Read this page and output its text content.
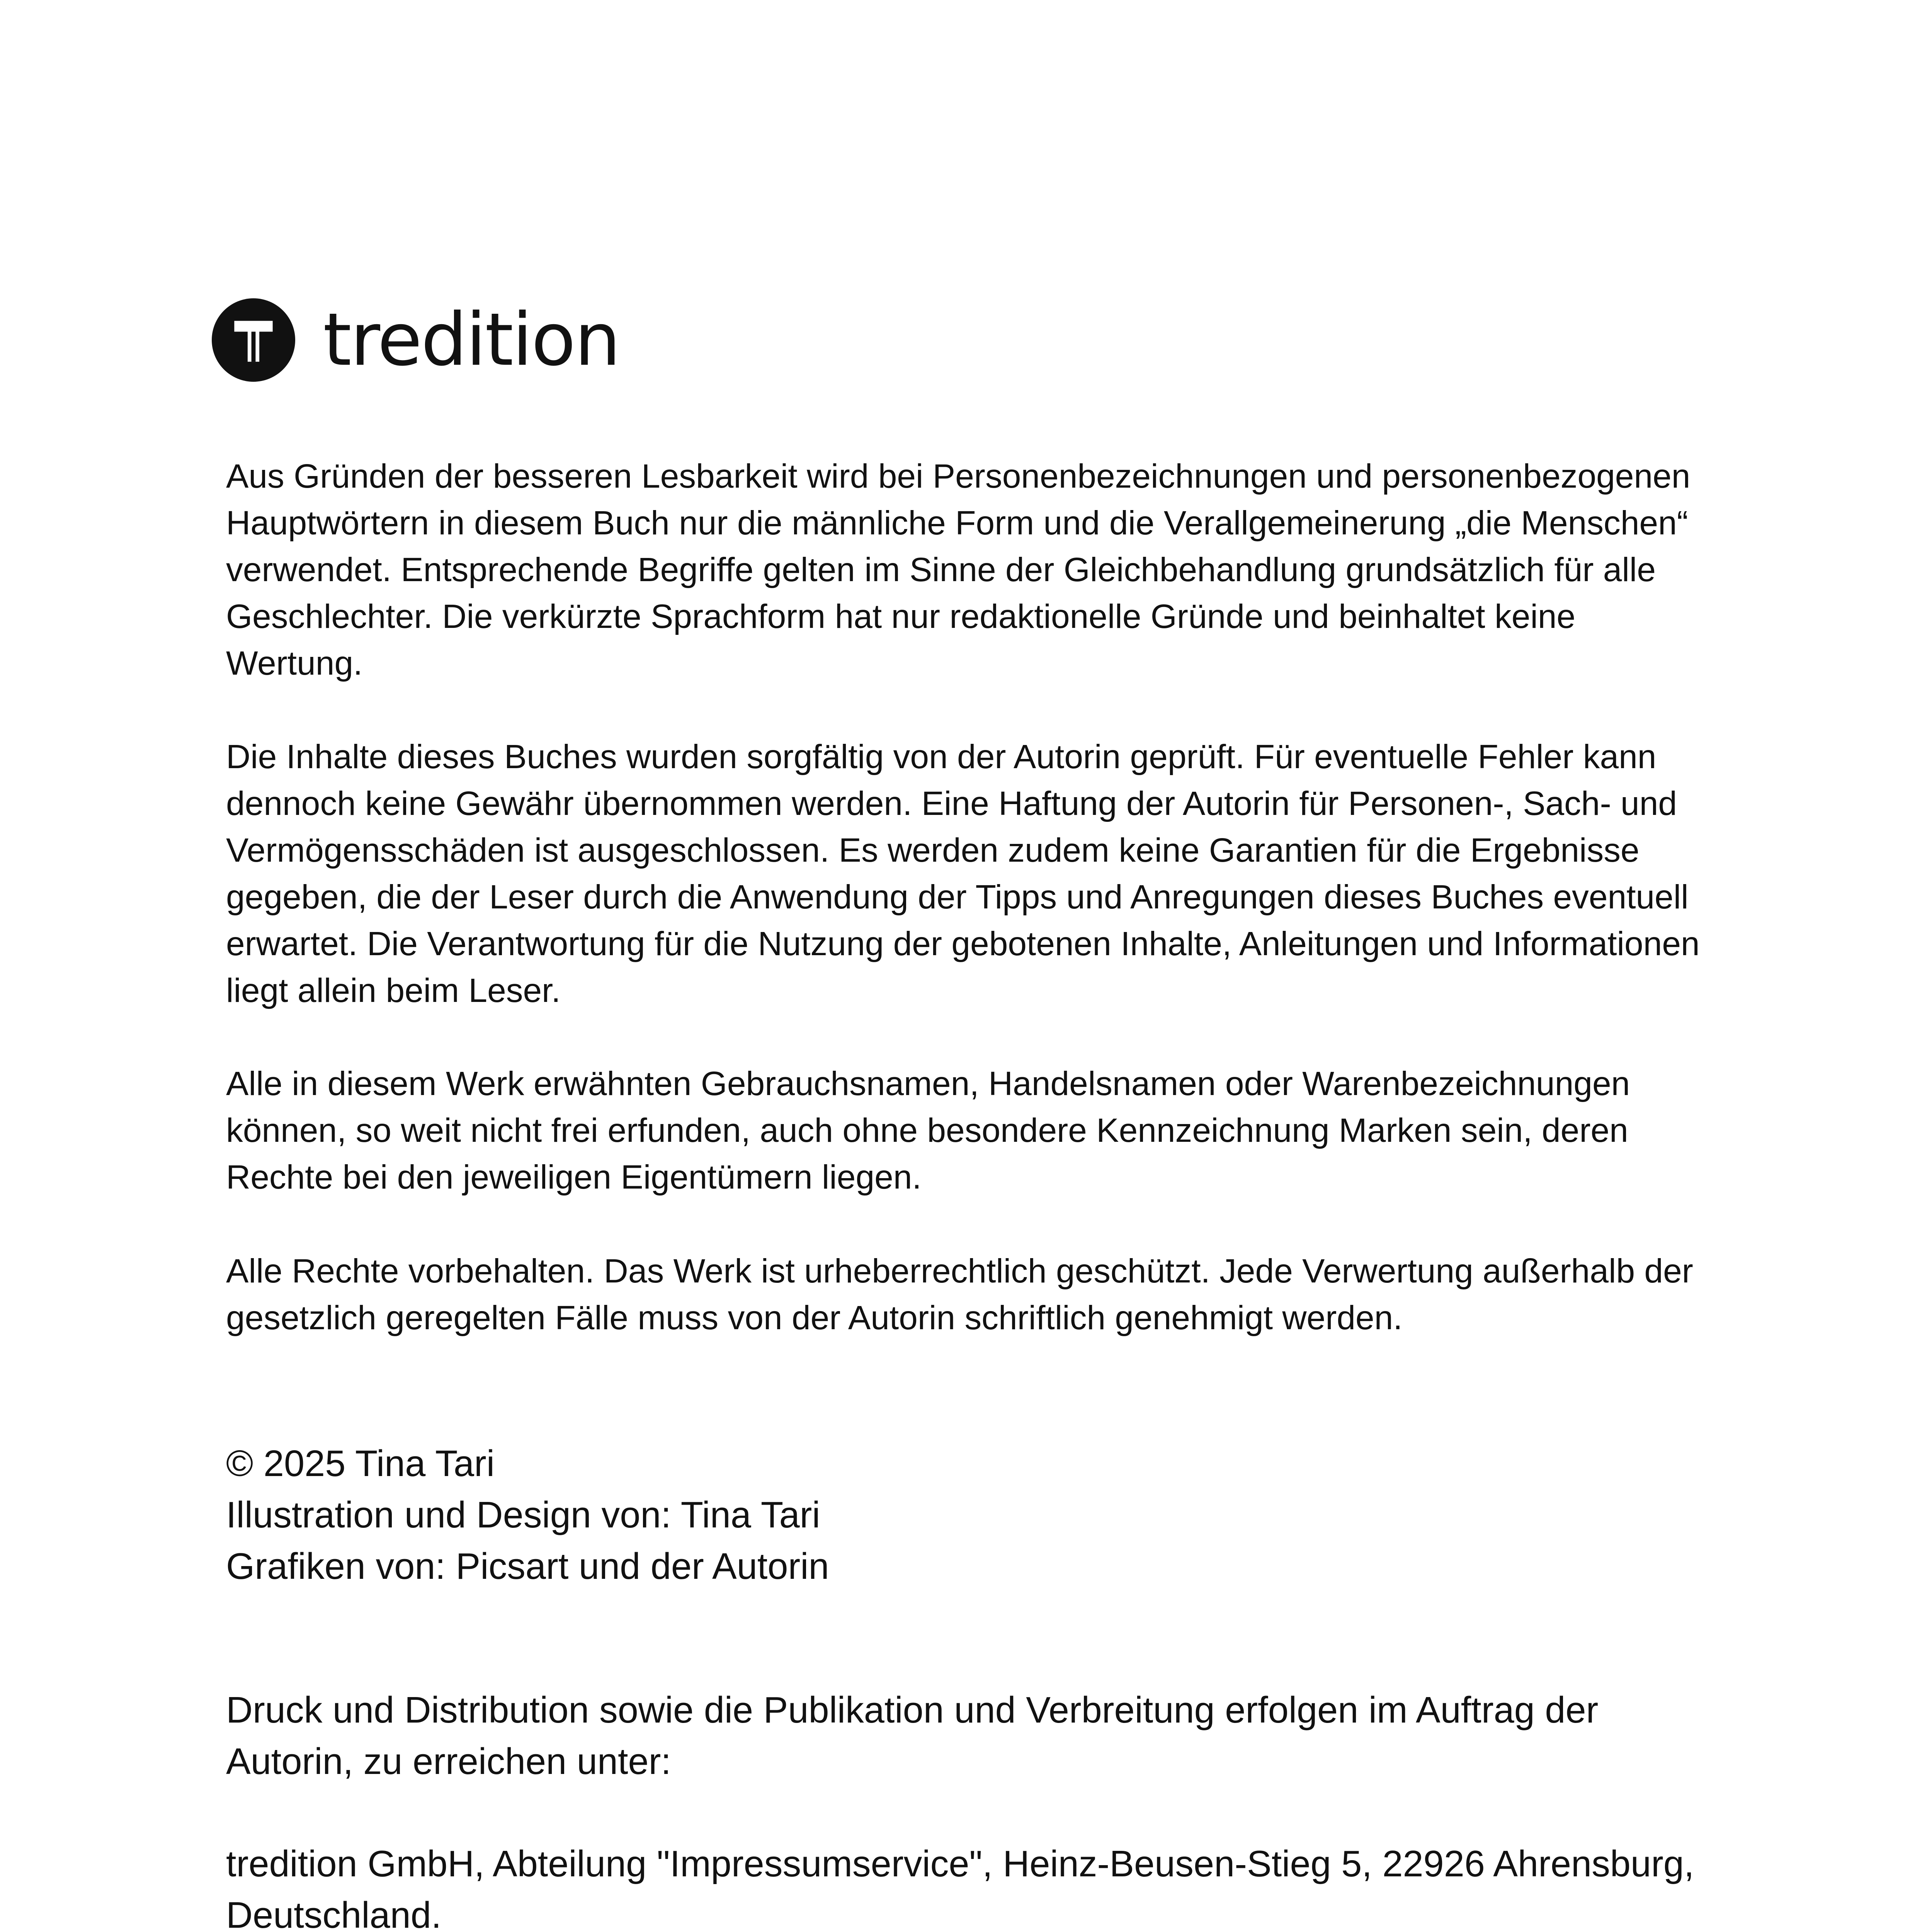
tredition

Aus Gründen der besseren Lesbarkeit wird bei Personenbezeichnungen und personenbezogenen
Hauptwörtern in diesem Buch nur die männliche Form und die Verallgemeinerung „die Menschen“
verwendet. Entsprechende Begriffe gelten im Sinne der Gleichbehandlung grundsätzlich für alle
Geschlechter. Die verkürzte Sprachform hat nur redaktionelle Gründe und beinhaltet keine
Wertung.

Die Inhalte dieses Buches wurden sorgfältig von der Autorin geprüft. Für eventuelle Fehler kann
dennoch keine Gewähr übernommen werden. Eine Haftung der Autorin für Personen-, Sach- und
Vermögensschäden ist ausgeschlossen. Es werden zudem keine Garantien für die Ergebnisse
gegeben, die der Leser durch die Anwendung der Tipps und Anregungen dieses Buches eventuell
erwartet. Die Verantwortung für die Nutzung der gebotenen Inhalte, Anleitungen und Informationen
liegt allein beim Leser.

Alle in diesem Werk erwähnten Gebrauchsnamen, Handelsnamen oder Warenbezeichnungen
können, so weit nicht frei erfunden, auch ohne besondere Kennzeichnung Marken sein, deren
Rechte bei den jeweiligen Eigentümern liegen.

Alle Rechte vorbehalten. Das Werk ist urheberrechtlich geschützt. Jede Verwertung außerhalb der
gesetzlich geregelten Fälle muss von der Autorin schriftlich genehmigt werden.

© 2025 Tina Tari
Illustration und Design von: Tina Tari
Grafiken von: Picsart und der Autorin

Druck und Distribution sowie die Publikation und Verbreitung erfolgen im Auftrag der
Autorin, zu erreichen unter:

tredition GmbH, Abteilung "Impressumservice", Heinz-Beusen-Stieg 5, 22926 Ahrensburg,
Deutschland.
